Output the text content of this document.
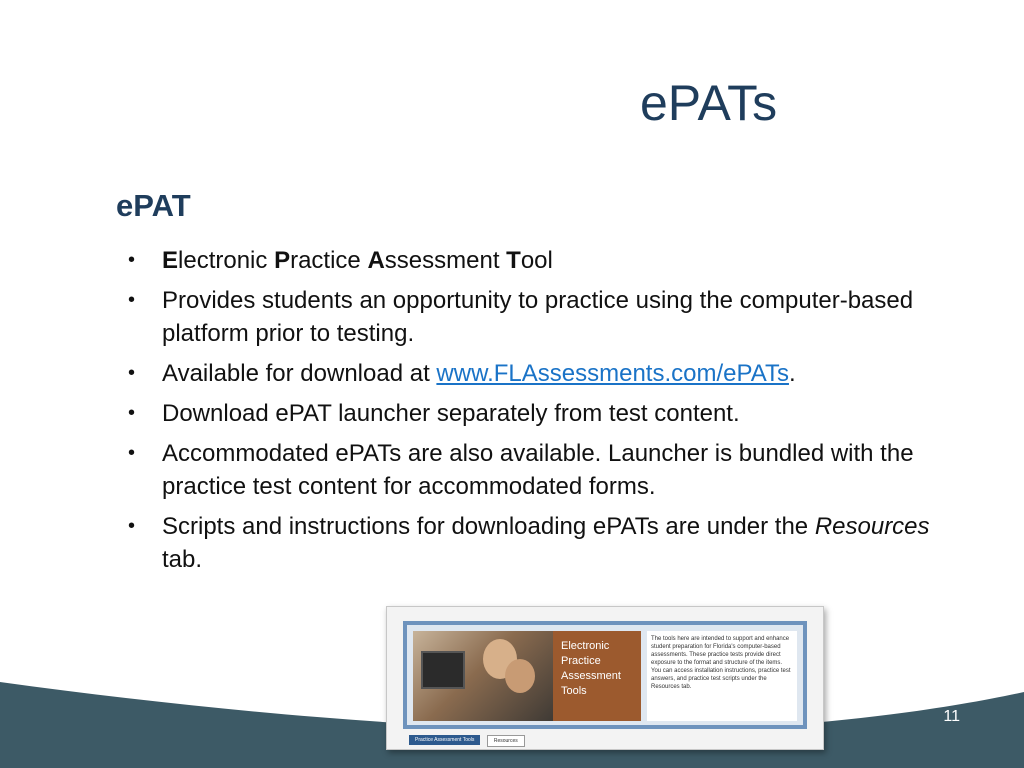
ePATs
ePAT
• Electronic Practice Assessment Tool
• Provides students an opportunity to practice using the computer-based platform prior to testing.
• Available for download at www.FLAssessments.com/ePATs.
• Download ePAT launcher separately from test content.
• Accommodated ePATs are also available. Launcher is bundled with the practice test content for accommodated forms.
• Scripts and instructions for downloading ePATs are under the Resources tab.
Electronic
Practice
Assessment
Tools
The tools here are intended to support and enhance student preparation for Florida's computer-based assessments. These practice tests provide direct exposure to the format and structure of the items. You can access installation instructions, practice test answers, and practice test scripts under the Resources tab.
Practice Assessment Tools	Resources
11
